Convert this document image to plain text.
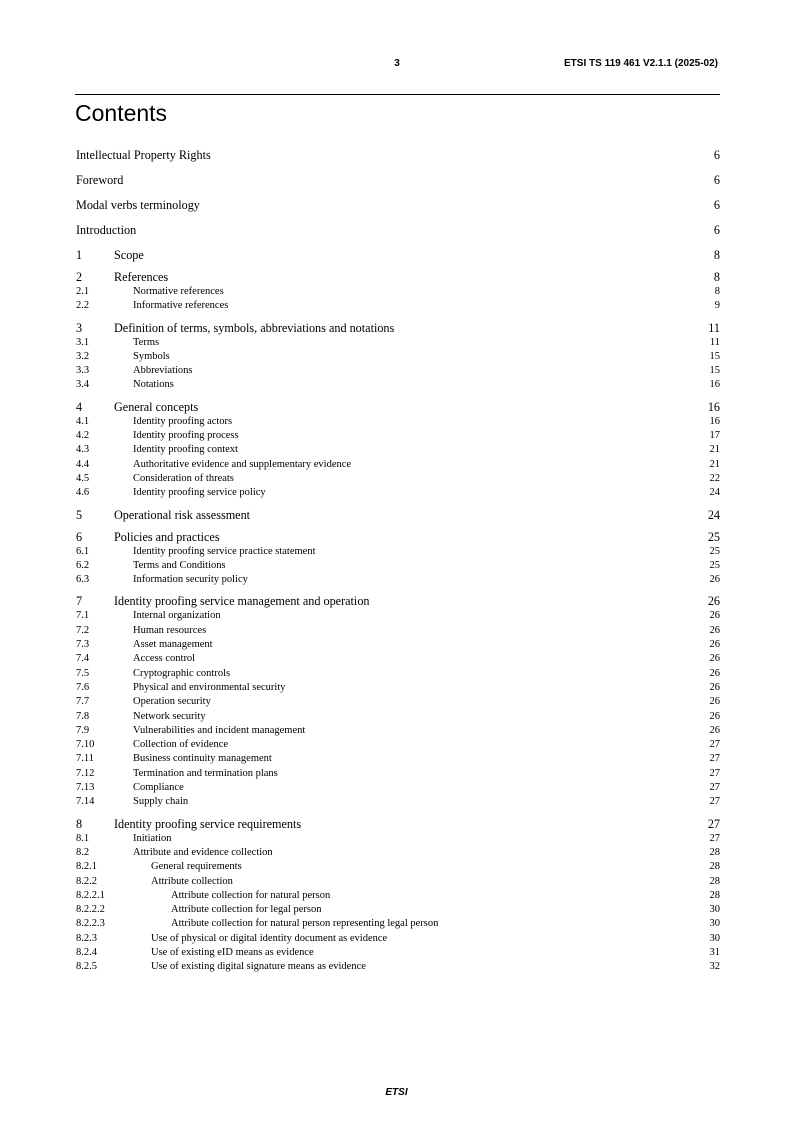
3	ETSI TS 119 461 V2.1.1 (2025-02)
Contents
Intellectual Property Rights	6
Foreword	6
Modal verbs terminology	6
Introduction	6
1	Scope	8
2	References	8
2.1	Normative references	8
2.2	Informative references	9
3	Definition of terms, symbols, abbreviations and notations	11
3.1	Terms	11
3.2	Symbols	15
3.3	Abbreviations	15
3.4	Notations	16
4	General concepts	16
4.1	Identity proofing actors	16
4.2	Identity proofing process	17
4.3	Identity proofing context	21
4.4	Authoritative evidence and supplementary evidence	21
4.5	Consideration of threats	22
4.6	Identity proofing service policy	24
5	Operational risk assessment	24
6	Policies and practices	25
6.1	Identity proofing service practice statement	25
6.2	Terms and Conditions	25
6.3	Information security policy	26
7	Identity proofing service management and operation	26
7.1	Internal organization	26
7.2	Human resources	26
7.3	Asset management	26
7.4	Access control	26
7.5	Cryptographic controls	26
7.6	Physical and environmental security	26
7.7	Operation security	26
7.8	Network security	26
7.9	Vulnerabilities and incident management	26
7.10	Collection of evidence	27
7.11	Business continuity management	27
7.12	Termination and termination plans	27
7.13	Compliance	27
7.14	Supply chain	27
8	Identity proofing service requirements	27
8.1	Initiation	27
8.2	Attribute and evidence collection	28
8.2.1	General requirements	28
8.2.2	Attribute collection	28
8.2.2.1	Attribute collection for natural person	28
8.2.2.2	Attribute collection for legal person	30
8.2.2.3	Attribute collection for natural person representing legal person	30
8.2.3	Use of physical or digital identity document as evidence	30
8.2.4	Use of existing eID means as evidence	31
8.2.5	Use of existing digital signature means as evidence	32
ETSI
